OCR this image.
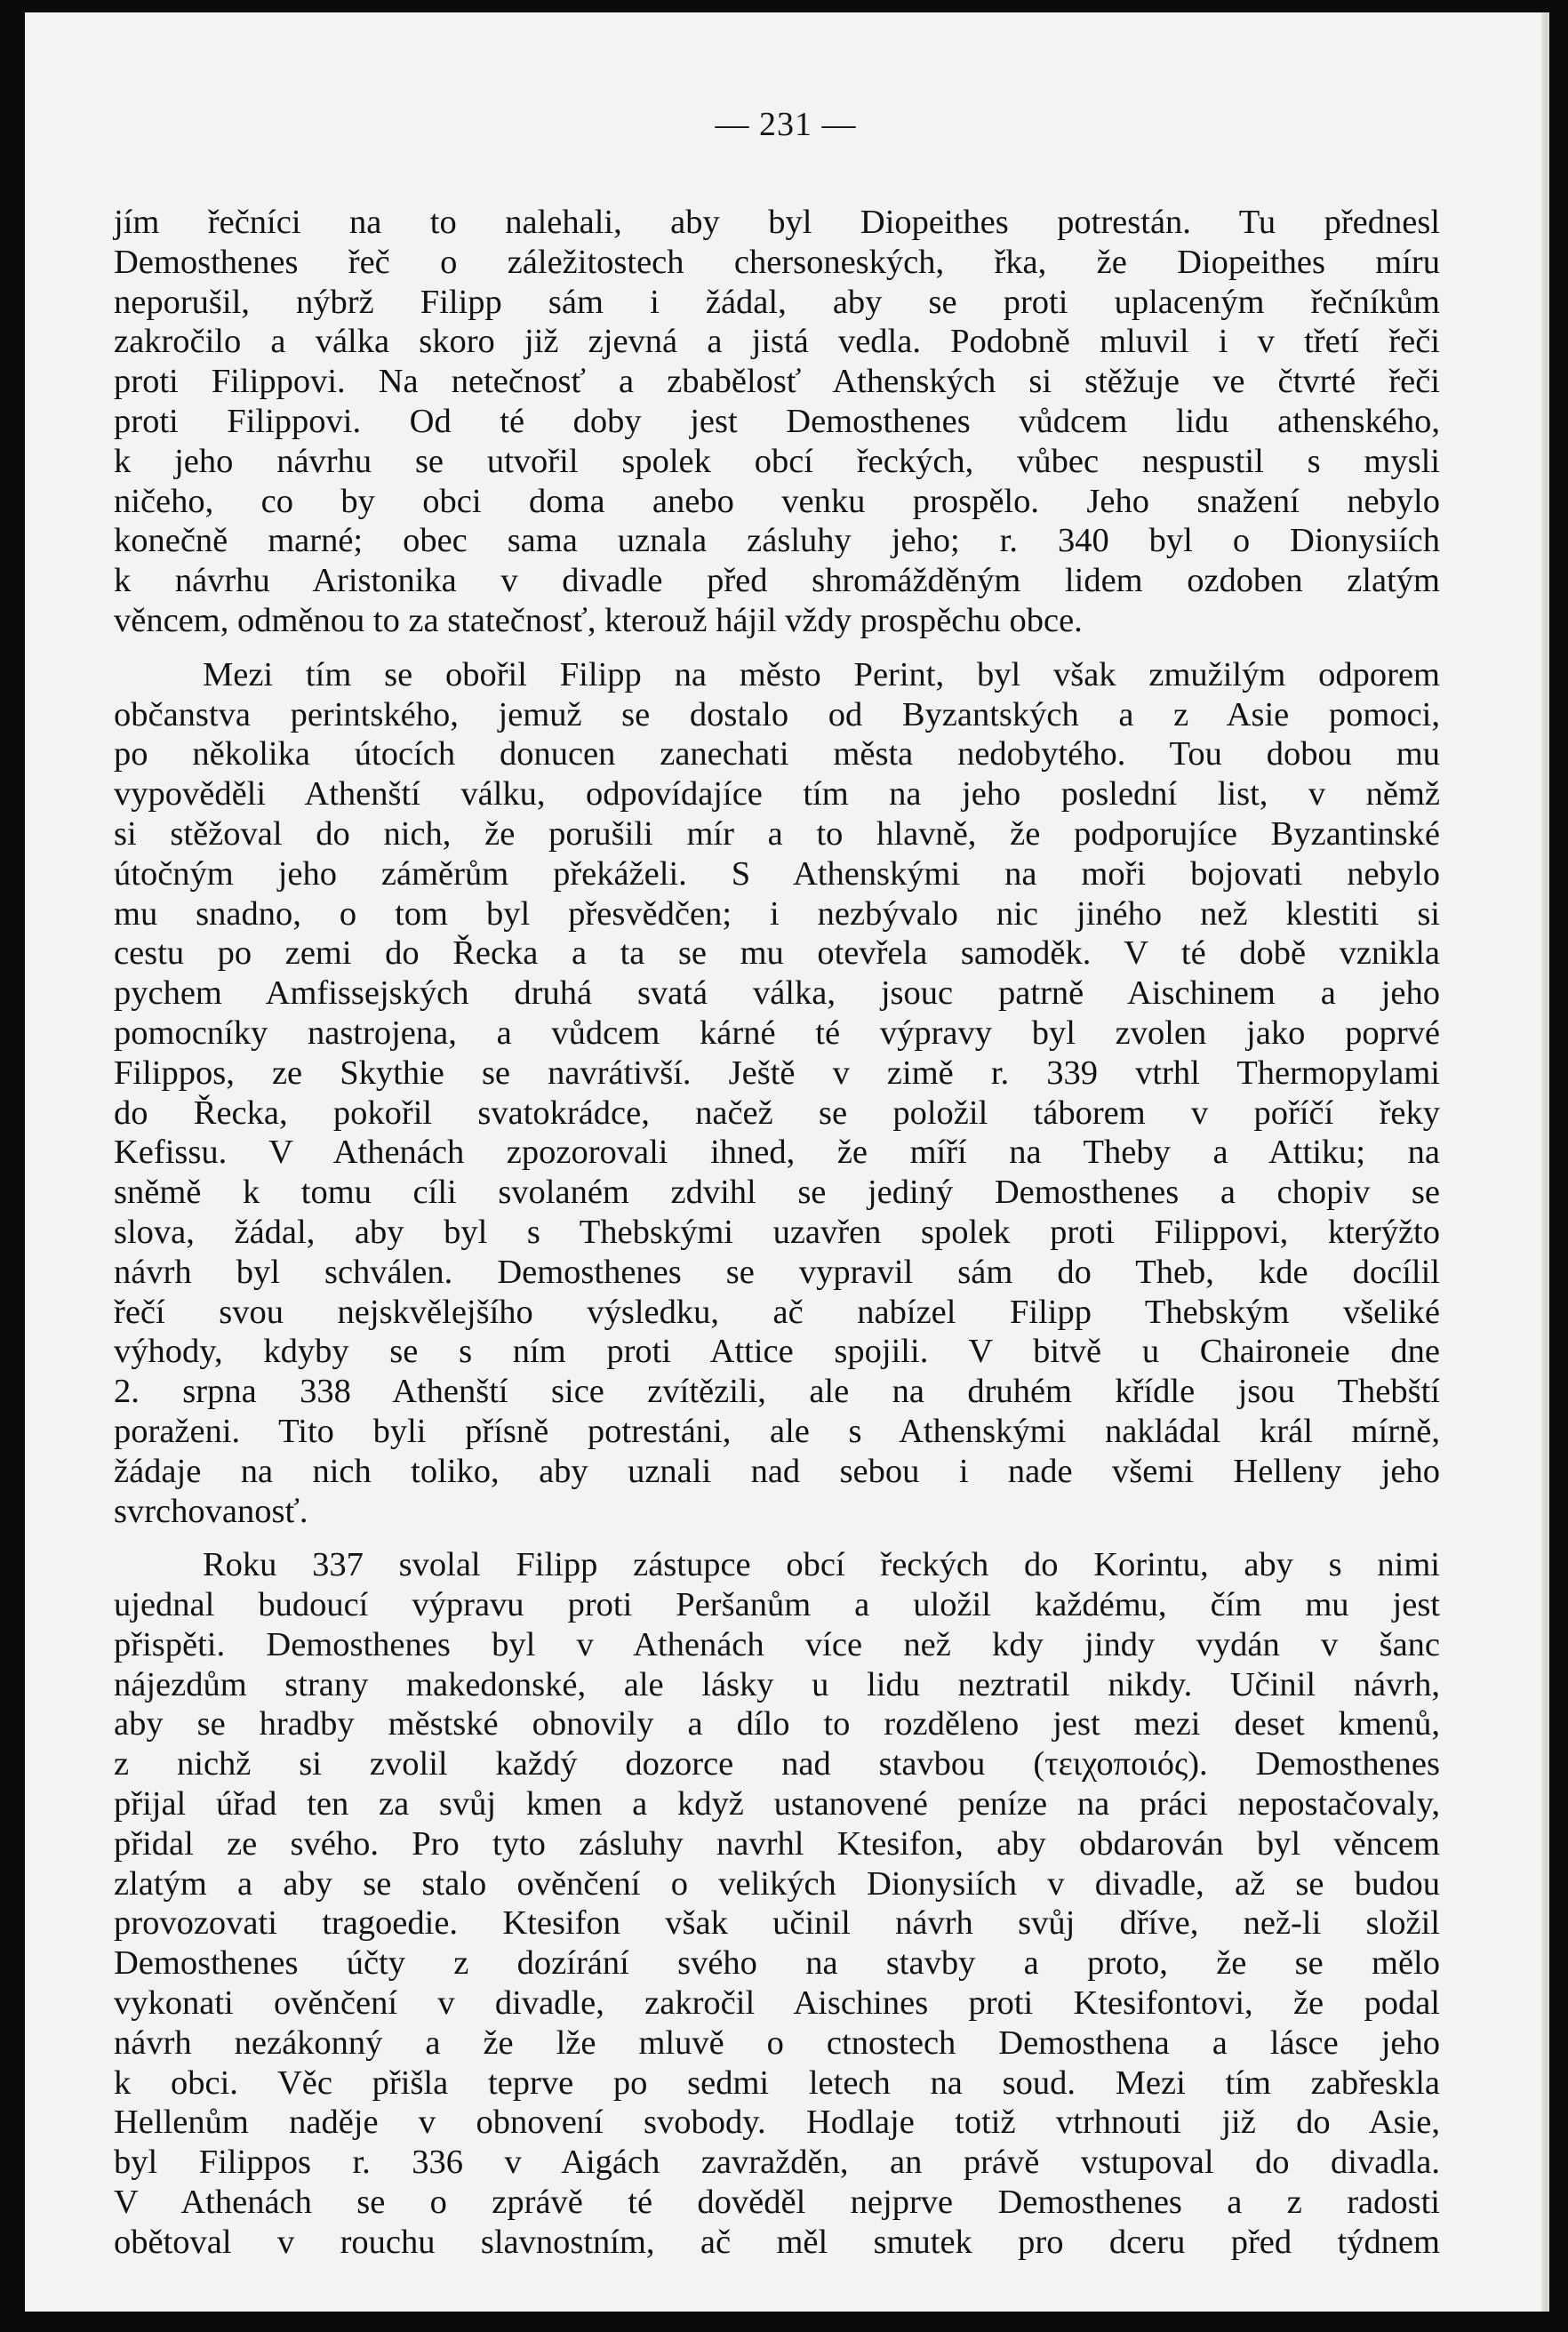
— 231 —
jím řečníci na to nalehali, aby byl Diopeithes potrestán. Tu přednesl
Demosthenes řeč o záležitostech chersoneských, řka, že Diopeithes míru
neporušil, nýbrž Filipp sám i žádal, aby se proti uplaceným řečníkům
zakročilo a válka skoro již zjevná a jistá vedla. Podobně mluvil i v třetí řeči
proti Filippovi. Na netečnosť a zbabělosť Athenských si stěžuje ve čtvrté řeči
proti Filippovi. Od té doby jest Demosthenes vůdcem lidu athenského,
k jeho návrhu se utvořil spolek obcí řeckých, vůbec nespustil s mysli
ničeho, co by obci doma anebo venku prospělo. Jeho snažení nebylo
konečně marné; obec sama uznala zásluhy jeho; r. 340 byl o Dionysiích
k návrhu Aristonika v divadle před shromážděným lidem ozdoben zlatým
věncem, odměnou to za statečnosť, kterouž hájil vždy prospěchu obce.
Mezi tím se obořil Filipp na město Perint, byl však zmužilým odporem
občanstva perintského, jemuž se dostalo od Byzantských a z Asie pomoci,
po několika útocích donucen zanechati města nedobytého. Tou dobou mu
vypověděli Athenští válku, odpovídajíce tím na jeho poslední list, v němž
si stěžoval do nich, že porušili mír a to hlavně, že podporujíce Byzantinské
útočným jeho záměrům překáželi. S Athenskými na moři bojovati nebylo
mu snadno, o tom byl přesvědčen; i nezbývalo nic jiného než klestiti si
cestu po zemi do Řecka a ta se mu otevřela samoděk. V té době vznikla
pychem Amfissejských druhá svatá válka, jsouc patrně Aischinem a jeho
pomocníky nastrojena, a vůdcem kárné té výpravy byl zvolen jako poprvé
Filippos, ze Skythie se navrátivší. Ještě v zimě r. 339 vtrhl Thermopylami
do Řecka, pokořil svatokrádce, načež se položil táborem v poříčí řeky
Kefissu. V Athenách zpozorovali ihned, že míří na Theby a Attiku; na
sněmě k tomu cíli svolaném zdvihl se jediný Demosthenes a chopiv se
slova, žádal, aby byl s Thebskými uzavřen spolek proti Filippovi, kterýžto
návrh byl schválen. Demosthenes se vypravil sám do Theb, kde docílil
řečí svou nejskvělejšího výsledku, ač nabízel Filipp Thebským všeliké
výhody, kdyby se s ním proti Attice spojili. V bitvě u Chaironeie dne
2. srpna 338 Athenští sice zvítězili, ale na druhém křídle jsou Thebští
poraženi. Tito byli přísně potrestáni, ale s Athenskými nakládal král mírně,
žádaje na nich toliko, aby uznali nad sebou i nade všemi Helleny jeho
svrchovanosť.
Roku 337 svolal Filipp zástupce obcí řeckých do Korintu, aby s nimi
ujednal budoucí výpravu proti Peršanům a uložil každému, čím mu jest
přispěti. Demosthenes byl v Athenách více než kdy jindy vydán v šanc
nájezdům strany makedonské, ale lásky u lidu neztratil nikdy. Učinil návrh,
aby se hradby městské obnovily a dílo to rozděleno jest mezi deset kmenů,
z nichž si zvolil každý dozorce nad stavbou (τειχοποιός). Demosthenes
přijal úřad ten za svůj kmen a když ustanovené peníze na práci nepostačovaly,
přidal ze svého. Pro tyto zásluhy navrhl Ktesifon, aby obdarován byl věncem
zlatým a aby se stalo ověnčení o velikých Dionysiích v divadle, až se budou
provozovati tragoedie. Ktesifon však učinil návrh svůj dříve, než-li složil
Demosthenes účty z dozírání svého na stavby a proto, že se mělo
vykonati ověnčení v divadle, zakročil Aischines proti Ktesifontovi, že podal
návrh nezákonný a že lže mluvě o ctnostech Demosthena a lásce jeho
k obci. Věc přišla teprve po sedmi letech na soud. Mezi tím zabřeskla
Hellenům naděje v obnovení svobody. Hodlaje totiž vtrhnouti již do Asie,
byl Filippos r. 336 v Aigách zavražděn, an právě vstupoval do divadla.
V Athenách se o zprávě té dověděl nejprve Demosthenes a z radosti
obětoval v rouchu slavnostním, ač měl smutek pro dceru před týdnem
